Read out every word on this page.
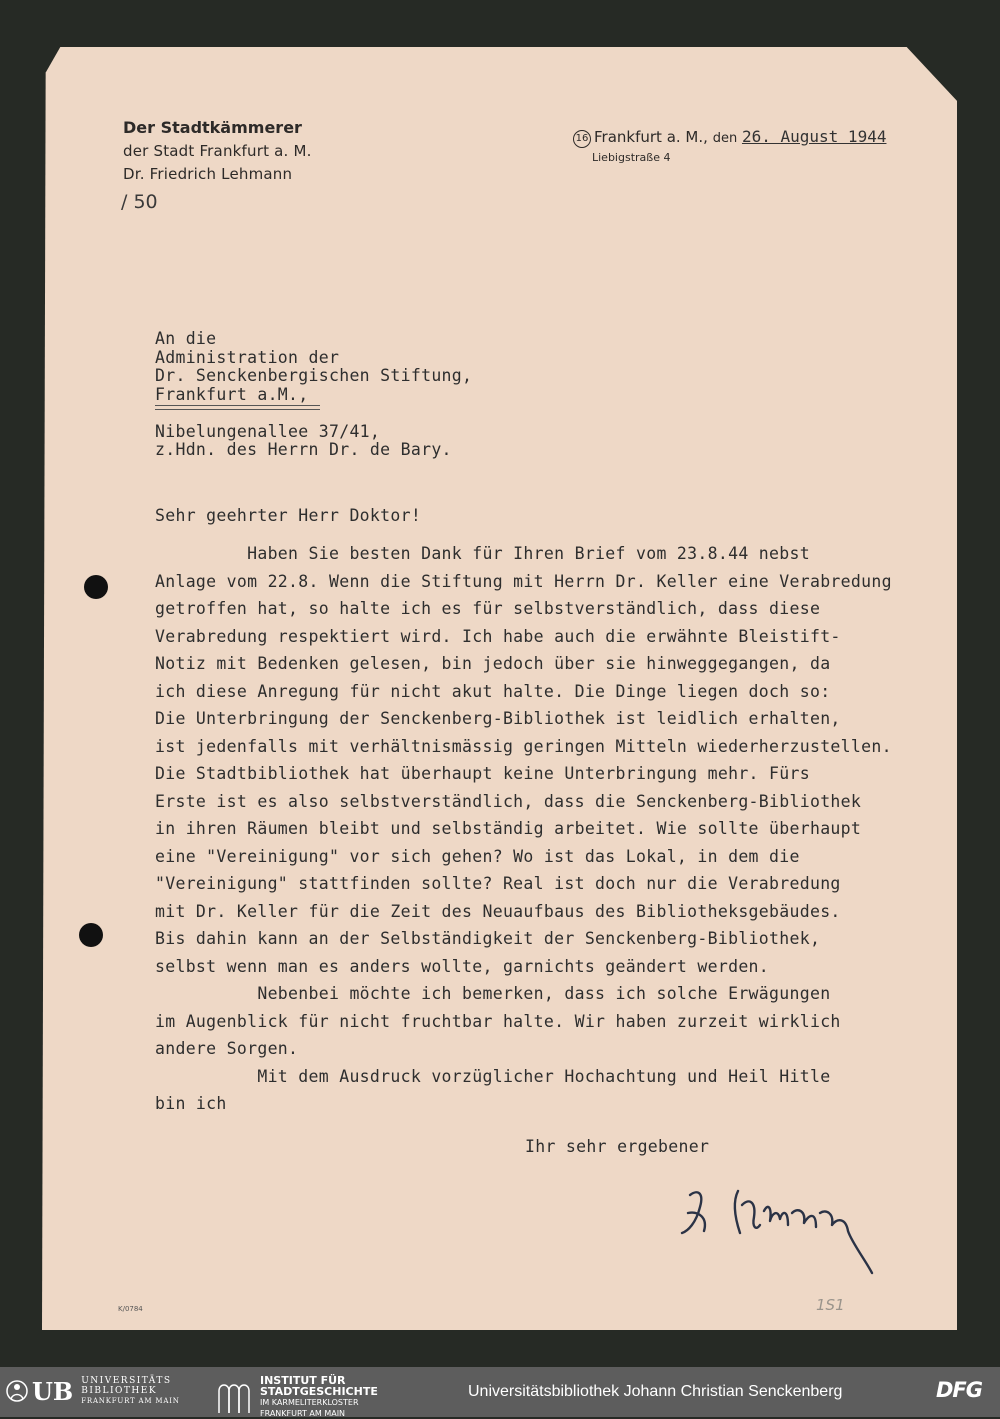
Der Stadtkämmerer
der Stadt Frankfurt a. M.
Dr. Friedrich Lehmann
/ 50
16 Frankfurt a. M., den 26. August 1944
Liebigstraße 4
An die
Administration der
Dr. Senckenbergischen Stiftung,
Frankfurt a.M.,
Nibelungenallee 37/41,
z.Hdn. des Herrn Dr. de Bary.
Sehr geehrter Herr Doktor!
Haben Sie besten Dank für Ihren Brief vom 23.8.44 nebst
Anlage vom 22.8. Wenn die Stiftung mit Herrn Dr. Keller eine Verabredung
getroffen hat, so halte ich es für selbstverständlich, dass diese
Verabredung respektiert wird. Ich habe auch die erwähnte Bleistift-
Notiz mit Bedenken gelesen, bin jedoch über sie hinweggegangen, da
ich diese Anregung für nicht akut halte. Die Dinge liegen doch so:
Die Unterbringung der Senckenberg-Bibliothek ist leidlich erhalten,
ist jedenfalls mit verhältnismässig geringen Mitteln wiederherzustellen.
Die Stadtbibliothek hat überhaupt keine Unterbringung mehr. Fürs
Erste ist es also selbstverständlich, dass die Senckenberg-Bibliothek
in ihren Räumen bleibt und selbständig arbeitet. Wie sollte überhaupt
eine "Vereinigung" vor sich gehen? Wo ist das Lokal, in dem die
"Vereinigung" stattfinden sollte? Real ist doch nur die Verabredung
mit Dr. Keller für die Zeit des Neuaufbaus des Bibliotheksgebäudes.
Bis dahin kann an der Selbständigkeit der Senckenberg-Bibliothek,
selbst wenn man es anders wollte, garnichts geändert werden.
Nebenbei möchte ich bemerken, dass ich solche Erwägungen
im Augenblick für nicht fruchtbar halte. Wir haben zurzeit wirklich
andere Sorgen.
Mit dem Ausdruck vorzüglicher Hochachtung und Heil Hitle
bin ich
Ihr sehr ergebener
K/0784	1S1
UB UNIVERSITÄTS
BIBLIOTHEK
FRANKFURT AM MAIN
INSTITUT FÜR
STADTGESCHICHTE
IM KARMELITERKLOSTER
FRANKFURT AM MAIN
Universitätsbibliothek Johann Christian Senckenberg	DFG
